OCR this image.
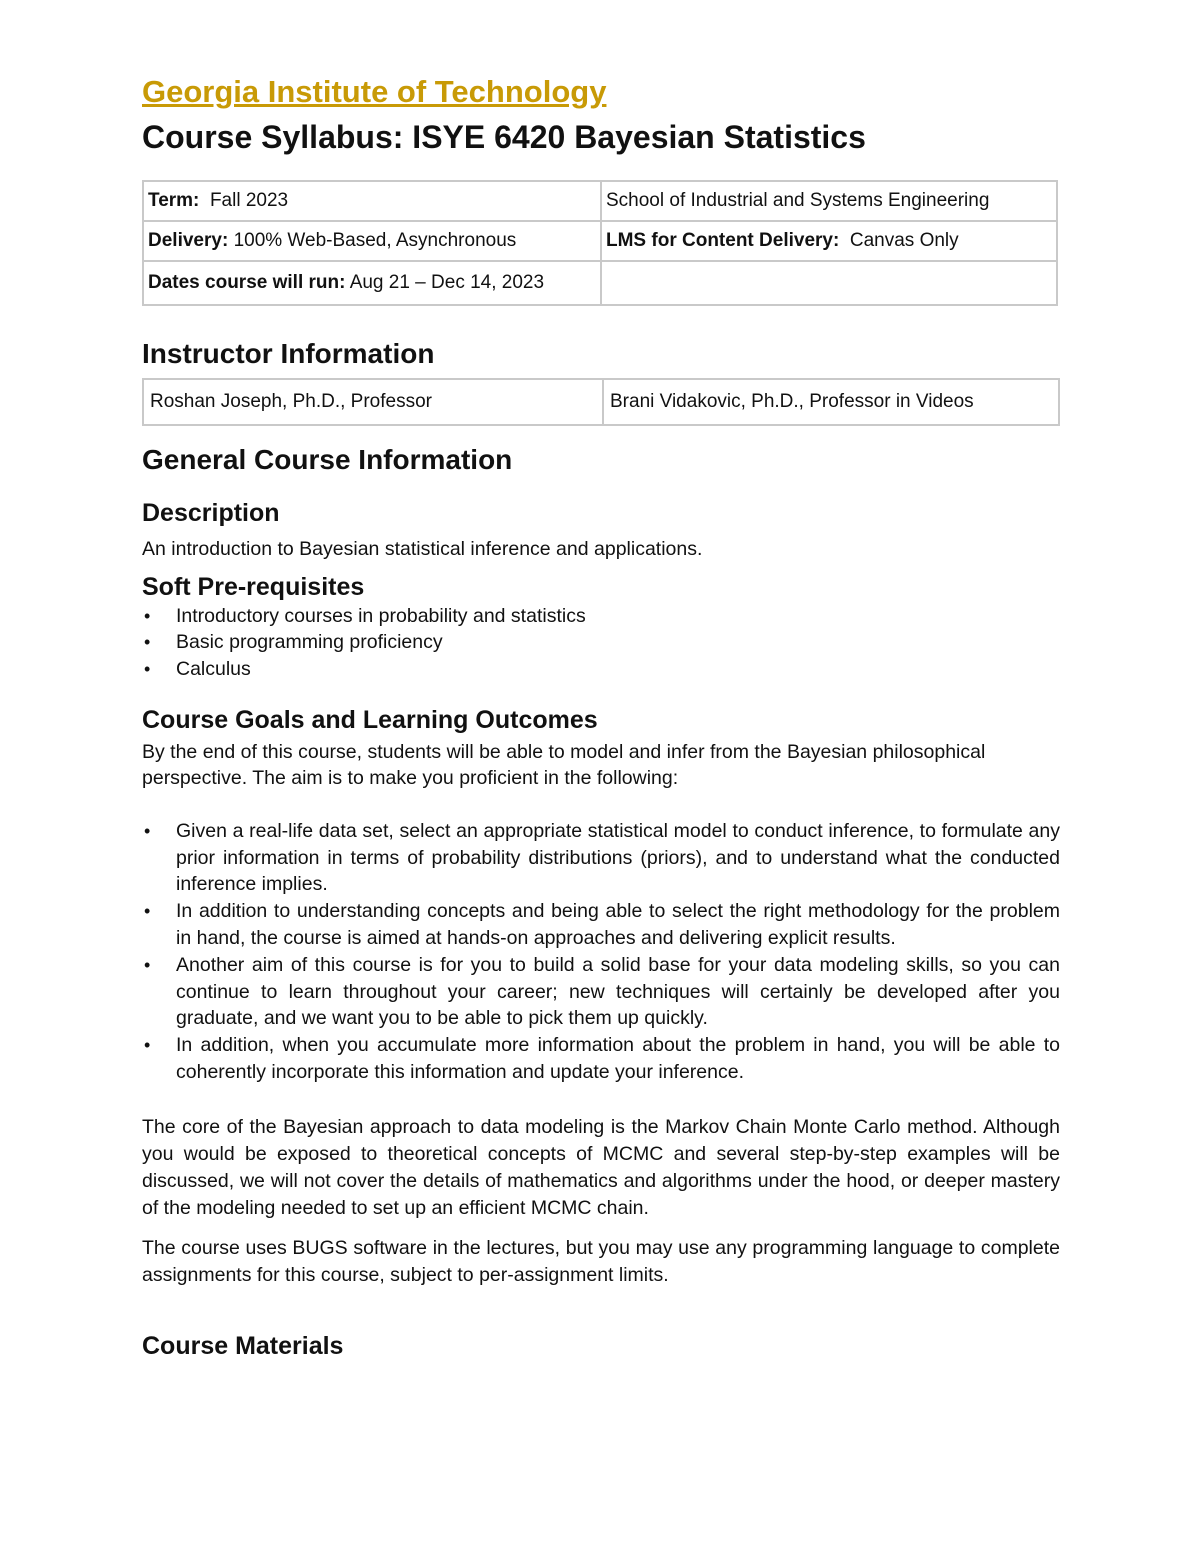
Georgia Institute of Technology
Course Syllabus: ISYE 6420 Bayesian Statistics
Term: Fall 2023	School of Industrial and Systems Engineering
Delivery: 100% Web-Based, Asynchronous	LMS for Content Delivery: Canvas Only
Dates course will run: Aug 21 – Dec 14, 2023	
Instructor Information
Roshan Joseph, Ph.D., Professor	Brani Vidakovic, Ph.D., Professor in Videos
General Course Information
Description

An introduction to Bayesian statistical inference and applications.

Soft Pre-requisites
• Introductory courses in probability and statistics
• Basic programming proficiency
• Calculus
Course Goals and Learning Outcomes

By the end of this course, students will be able to model and infer from the Bayesian philosophical perspective. The aim is to make you proficient in the following:

• Given a real-life data set, select an appropriate statistical model to conduct inference, to formulate any prior information in terms of probability distributions (priors), and to understand what the conducted inference implies.
• In addition to understanding concepts and being able to select the right methodology for the problem in hand, the course is aimed at hands-on approaches and delivering explicit results.
• Another aim of this course is for you to build a solid base for your data modeling skills, so you can continue to learn throughout your career; new techniques will certainly be developed after you graduate, and we want you to be able to pick them up quickly.
• In addition, when you accumulate more information about the problem in hand, you will be able to coherently incorporate this information and update your inference.

The core of the Bayesian approach to data modeling is the Markov Chain Monte Carlo method. Although you would be exposed to theoretical concepts of MCMC and several step-by-step examples will be discussed, we will not cover the details of mathematics and algorithms under the hood, or deeper mastery of the modeling needed to set up an efficient MCMC chain.

The course uses BUGS software in the lectures, but you may use any programming language to complete assignments for this course, subject to per-assignment limits.

Course Materials
